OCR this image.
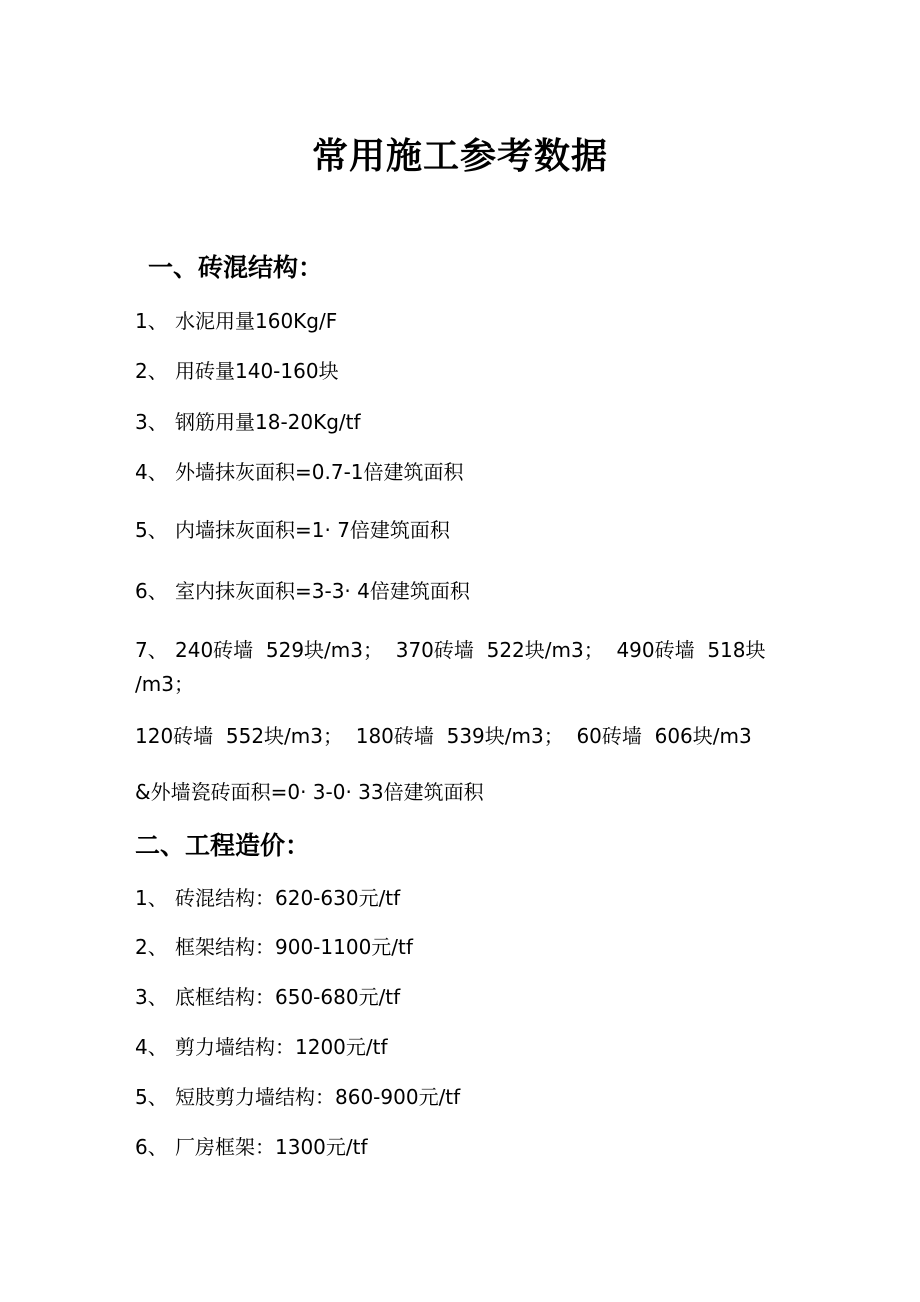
常用施工参考数据
一、砖混结构：

1、 水泥用量160Kg/F

2、 用砖量140-160块

3、 钢筋用量18-20Kg/tf

4、 外墙抹灰面积=0.7-1倍建筑面积

5、 内墙抹灰面积=1· 7倍建筑面积

6、 室内抹灰面积=3-3· 4倍建筑面积

7、 240砖墙  529块/m3；  370砖墙  522块/m3；  490砖墙  518块

/m3；

120砖墙  552块/m3；  180砖墙  539块/m3；  60砖墙  606块/m3

&外墙瓷砖面积=0· 3-0· 33倍建筑面积

二、工程造价：

1、 砖混结构：620-630元/tf

2、 框架结构：900-1100元/tf

3、 底框结构：650-680元/tf

4、 剪力墙结构：1200元/tf

5、 短肢剪力墙结构：860-900元/tf

6、 厂房框架：1300元/tf
